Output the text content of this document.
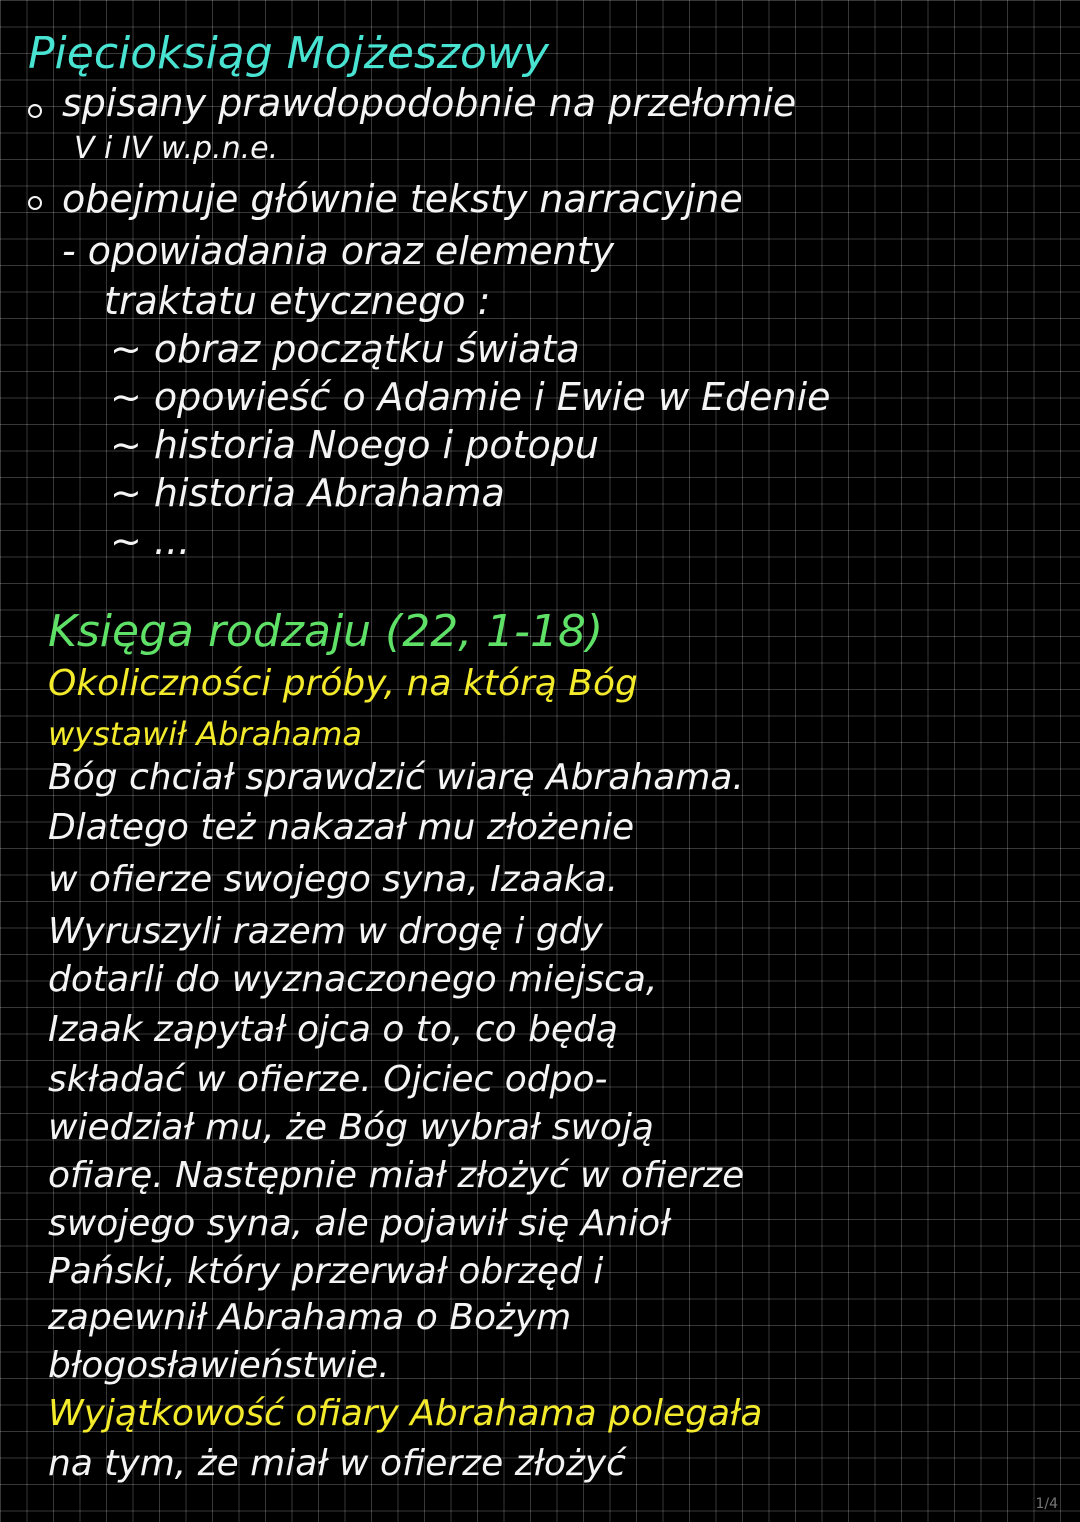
Pięcioksiąg Mojżeszowy
spisany prawdopodobnie na przełomie
V i IV w.p.n.e.
obejmuje głównie teksty narracyjne
- opowiadania oraz elementy
traktatu etycznego :
~ obraz początku świata
~ opowieść o Adamie i Ewie w Edenie
~ historia Noego i potopu
~ historia Abrahama
~ ...
Księga rodzaju (22, 1-18)
Okoliczności próby, na którą Bóg
wystawił Abrahama
Bóg chciał sprawdzić wiarę Abrahama.
Dlatego też nakazał mu złożenie
w ofierze swojego syna, Izaaka.
Wyruszyli razem w drogę i gdy
dotarli do wyznaczonego miejsca,
Izaak zapytał ojca o to, co będą
składać w ofierze. Ojciec odpo-
wiedział mu, że Bóg wybrał swoją
ofiarę. Następnie miał złożyć w ofierze
swojego syna, ale pojawił się Anioł
Pański, który przerwał obrzęd i
zapewnił Abrahama o Bożym
błogosławieństwie.
Wyjątkowość ofiary Abrahama polegała
na tym, że miał w ofierze złożyć
1/4
